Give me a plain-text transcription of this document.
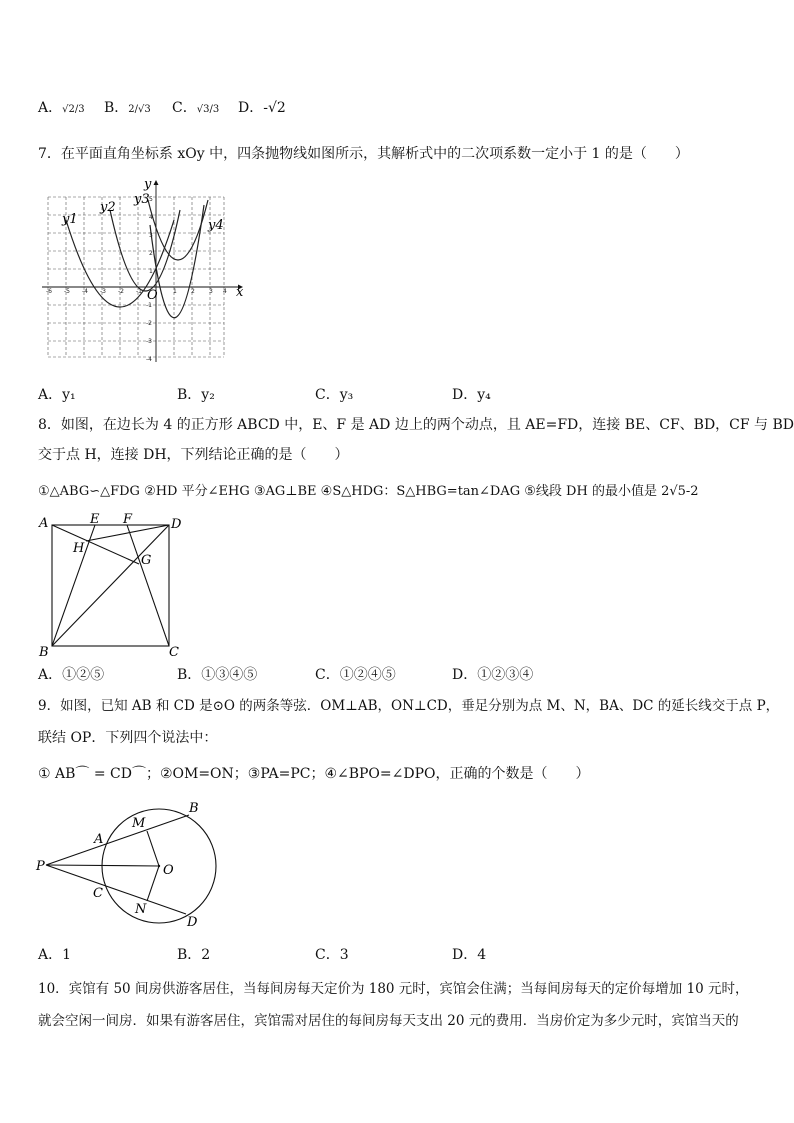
A．√2/3 B．2/√3 C．√3/3 D．-√2
7．在平面直角坐标系 xOy 中，四条抛物线如图所示，其解析式中的二次项系数一定小于 1 的是（　　）
x
y
O
-6 -5 -4 -3 -2 -1	1 2 3 4
5
4
3
2
1
-1
-2
-3
-4
y1
y2
y3
y4
A．y₁	B．y₂	C．y₃	D．y₄
8．如图，在边长为 4 的正方形 ABCD 中，E、F 是 AD 边上的两个动点，且 AE=FD，连接 BE、CF、BD，CF 与 BD
交于点 H，连接 DH，下列结论正确的是（　　）
①△ABG∽△FDG ②HD 平分∠EHG ③AG⊥BE ④S△HDG：S△HBG=tan∠DAG ⑤线段 DH 的最小值是 2√5-2
A	E F	D
H
G
B	C
A．①②⑤	B．①③④⑤	C．①②④⑤	D．①②③④
9．如图，已知 AB 和 CD 是⊙O 的两条等弦．OM⊥AB，ON⊥CD，垂足分别为点 M、N，BA、DC 的延长线交于点 P，
联结 OP．下列四个说法中：
① AB⌒ = CD⌒；②OM=ON；③PA=PC；④∠BPO=∠DPO，正确的个数是（　　）
P
A
M
B
O
C
N
D
A．1	B．2	C．3	D．4
10．宾馆有 50 间房供游客居住，当每间房每天定价为 180 元时，宾馆会住满；当每间房每天的定价每增加 10 元时，
就会空闲一间房．如果有游客居住，宾馆需对居住的每间房每天支出 20 元的费用．当房价定为多少元时，宾馆当天的
